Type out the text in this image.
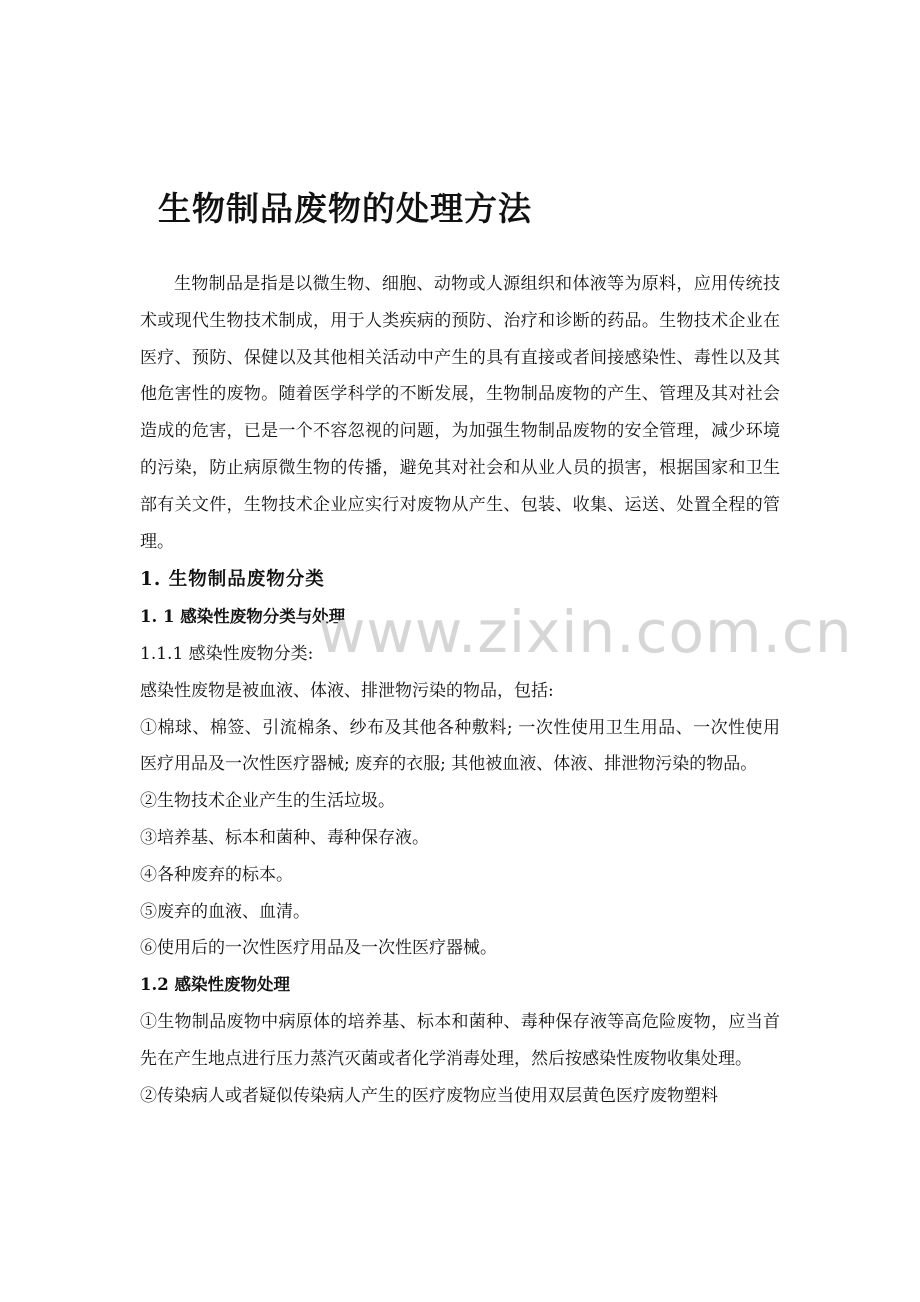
生物制品废物的处理方法

生物制品是指是以微生物、细胞、动物或人源组织和体液等为原料，应用传统技术或现代生物技术制成，用于人类疾病的预防、治疗和诊断的药品。生物技术企业在医疗、预防、保健以及其他相关活动中产生的具有直接或者间接感染性、毒性以及其他危害性的废物。随着医学科学的不断发展，生物制品废物的产生、管理及其对社会造成的危害，已是一个不容忽视的问题，为加强生物制品废物的安全管理，减少环境的污染，防止病原微生物的传播，避免其对社会和从业人员的损害，根据国家和卫生部有关文件，生物技术企业应实行对废物从产生、包装、收集、运送、处置全程的管理。

1. 生物制品废物分类

1. 1 感染性废物分类与处理

1.1.1 感染性废物分类:

感染性废物是被血液、体液、排泄物污染的物品，包括:

①棉球、棉签、引流棉条、纱布及其他各种敷料; 一次性使用卫生用品、一次性使用医疗用品及一次性医疗器械; 废弃的衣服; 其他被血液、体液、排泄物污染的物品。

②生物技术企业产生的生活垃圾。

③培养基、标本和菌种、毒种保存液。

④各种废弃的标本。

⑤废弃的血液、血清。

⑥使用后的一次性医疗用品及一次性医疗器械。

1.2 感染性废物处理

①生物制品废物中病原体的培养基、标本和菌种、毒种保存液等高危险废物，应当首先在产生地点进行压力蒸汽灭菌或者化学消毒处理，然后按感染性废物收集处理。

②传染病人或者疑似传染病人产生的医疗废物应当使用双层黄色医疗废物塑料

www.zixin.com.cn
